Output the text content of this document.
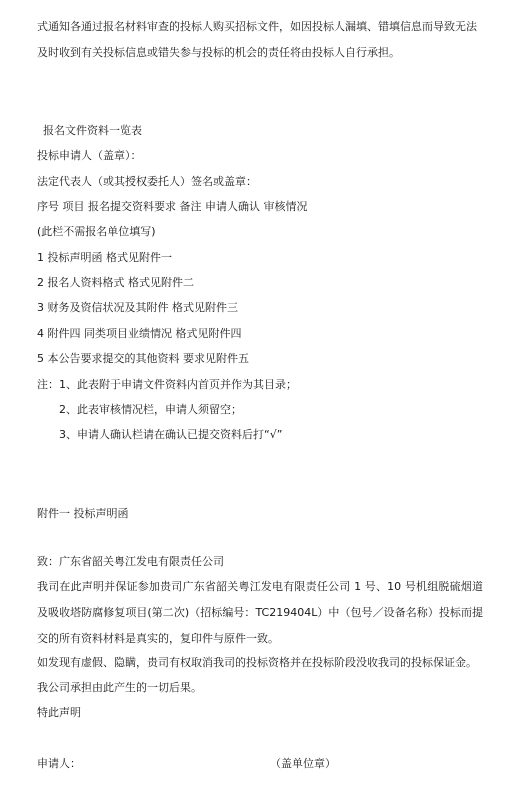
式通知各通过报名材料审查的投标人购买招标文件，如因投标人漏填、错填信息而导致无法
及时收到有关投标信息或错失参与投标的机会的责任将由投标人自行承担。
报名文件资料一览表
投标申请人（盖章）：
法定代表人（或其授权委托人）签名或盖章：
序号 项目 报名提交资料要求 备注 申请人确认 审核情况
(此栏不需报名单位填写)
1 投标声明函 格式见附件一
2 报名人资料格式 格式见附件二
3 财务及资信状况及其附件 格式见附件三
4 附件四 同类项目业绩情况 格式见附件四
5 本公告要求提交的其他资料 要求见附件五
注：1、此表附于申请文件资料内首页并作为其目录；
2、此表审核情况栏，申请人须留空；
3、申请人确认栏请在确认已提交资料后打“√”
附件一 投标声明函
致：广东省韶关粤江发电有限责任公司
我司在此声明并保证参加贵司广东省韶关粤江发电有限责任公司 1 号、10 号机组脱硫烟道及吸收塔防腐修复项目(第二次)（招标编号：TC219404L）中（包号／设备名称）投标而提交的所有资料材料是真实的，复印件与原件一致。
如发现有虚假、隐瞒，贵司有权取消我司的投标资格并在投标阶段没收我司的投标保证金。
我公司承担由此产生的一切后果。
特此声明
申请人：	（盖单位章）
